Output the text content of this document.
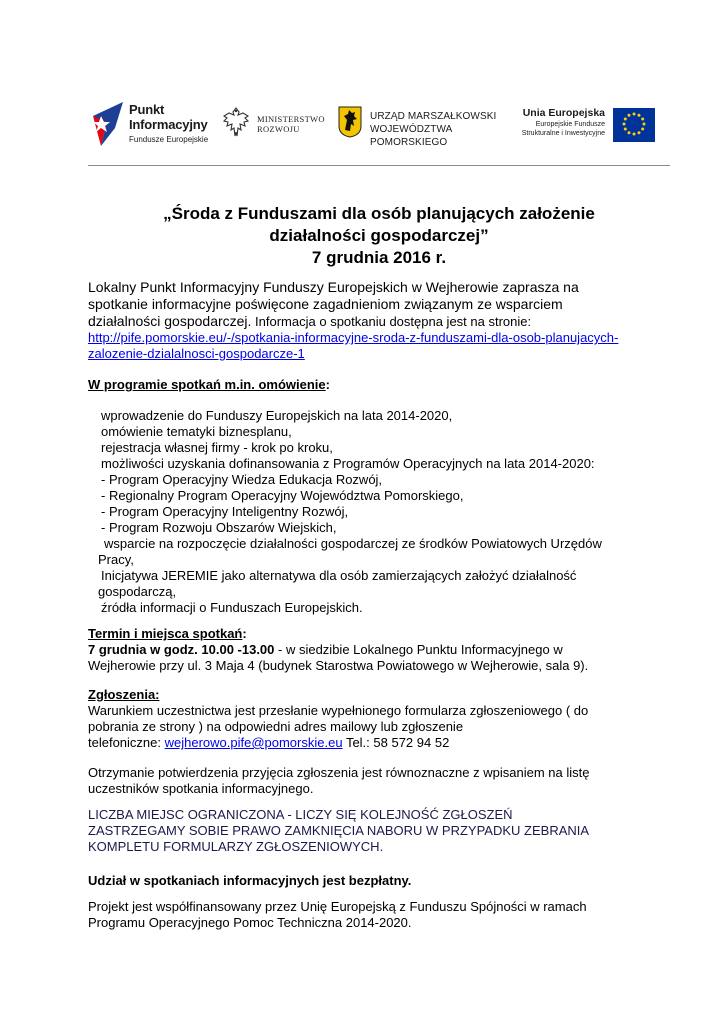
Punkt
Informacyjny
Fundusze Europejskie
MINISTERSTWO
ROZWOJU
URZĄD MARSZAŁKOWSKI
WOJEWÓDZTWA POMORSKIEGO
Unia Europejska
Europejskie Fundusze
Strukturalne i Inwestycyjne
„Środa z Funduszami dla osób planujących założenie
działalności gospodarczej”
7 grudnia 2016 r.
Lokalny Punkt Informacyjny Funduszy Europejskich w Wejherowie zaprasza na
spotkanie informacyjne poświęcone zagadnieniom związanym ze wsparciem
działalności gospodarczej. Informacja o spotkaniu dostępna jest na stronie:
http://pife.pomorskie.eu/-/spotkania-informacyjne-sroda-z-funduszami-dla-osob-planujacych-
zalozenie-dzialalnosci-gospodarcze-1
W programie spotkań m.in. omówienie:
wprowadzenie do Funduszy Europejskich na lata 2014-2020,
omówienie tematyki biznesplanu,
rejestracja własnej firmy - krok po kroku,
możliwości uzyskania dofinansowania z Programów Operacyjnych na lata 2014-2020:
- Program Operacyjny Wiedza Edukacja Rozwój,
- Regionalny Program Operacyjny Województwa Pomorskiego,
- Program Operacyjny Inteligentny Rozwój,
- Program Rozwoju Obszarów Wiejskich,
wsparcie na rozpoczęcie działalności gospodarczej ze środków Powiatowych Urzędów
Pracy,
Inicjatywa JEREMIE jako alternatywa dla osób zamierzających założyć działalność
gospodarczą,
źródła informacji o Funduszach Europejskich.
Termin i miejsca spotkań:
7 grudnia w godz. 10.00 -13.00 - w siedzibie Lokalnego Punktu Informacyjnego w
Wejherowie przy ul. 3 Maja 4 (budynek Starostwa Powiatowego w Wejherowie, sala 9).
Zgłoszenia:
Warunkiem uczestnictwa jest przesłanie wypełnionego formularza zgłoszeniowego ( do
pobrania ze strony ) na odpowiedni adres mailowy lub zgłoszenie
telefoniczne: wejherowo.pife@pomorskie.eu Tel.: 58 572 94 52
Otrzymanie potwierdzenia przyjęcia zgłoszenia jest równoznaczne z wpisaniem na listę
uczestników spotkania informacyjnego.
LICZBA MIEJSC OGRANICZONA - LICZY SIĘ KOLEJNOŚĆ ZGŁOSZEŃ
ZASTRZEGAMY SOBIE PRAWO ZAMKNIĘCIA NABORU W PRZYPADKU ZEBRANIA
KOMPLETU FORMULARZY ZGŁOSZENIOWYCH.
Udział w spotkaniach informacyjnych jest bezpłatny.
Projekt jest współfinansowany przez Unię Europejską z Funduszu Spójności w ramach
Programu Operacyjnego Pomoc Techniczna 2014-2020.
